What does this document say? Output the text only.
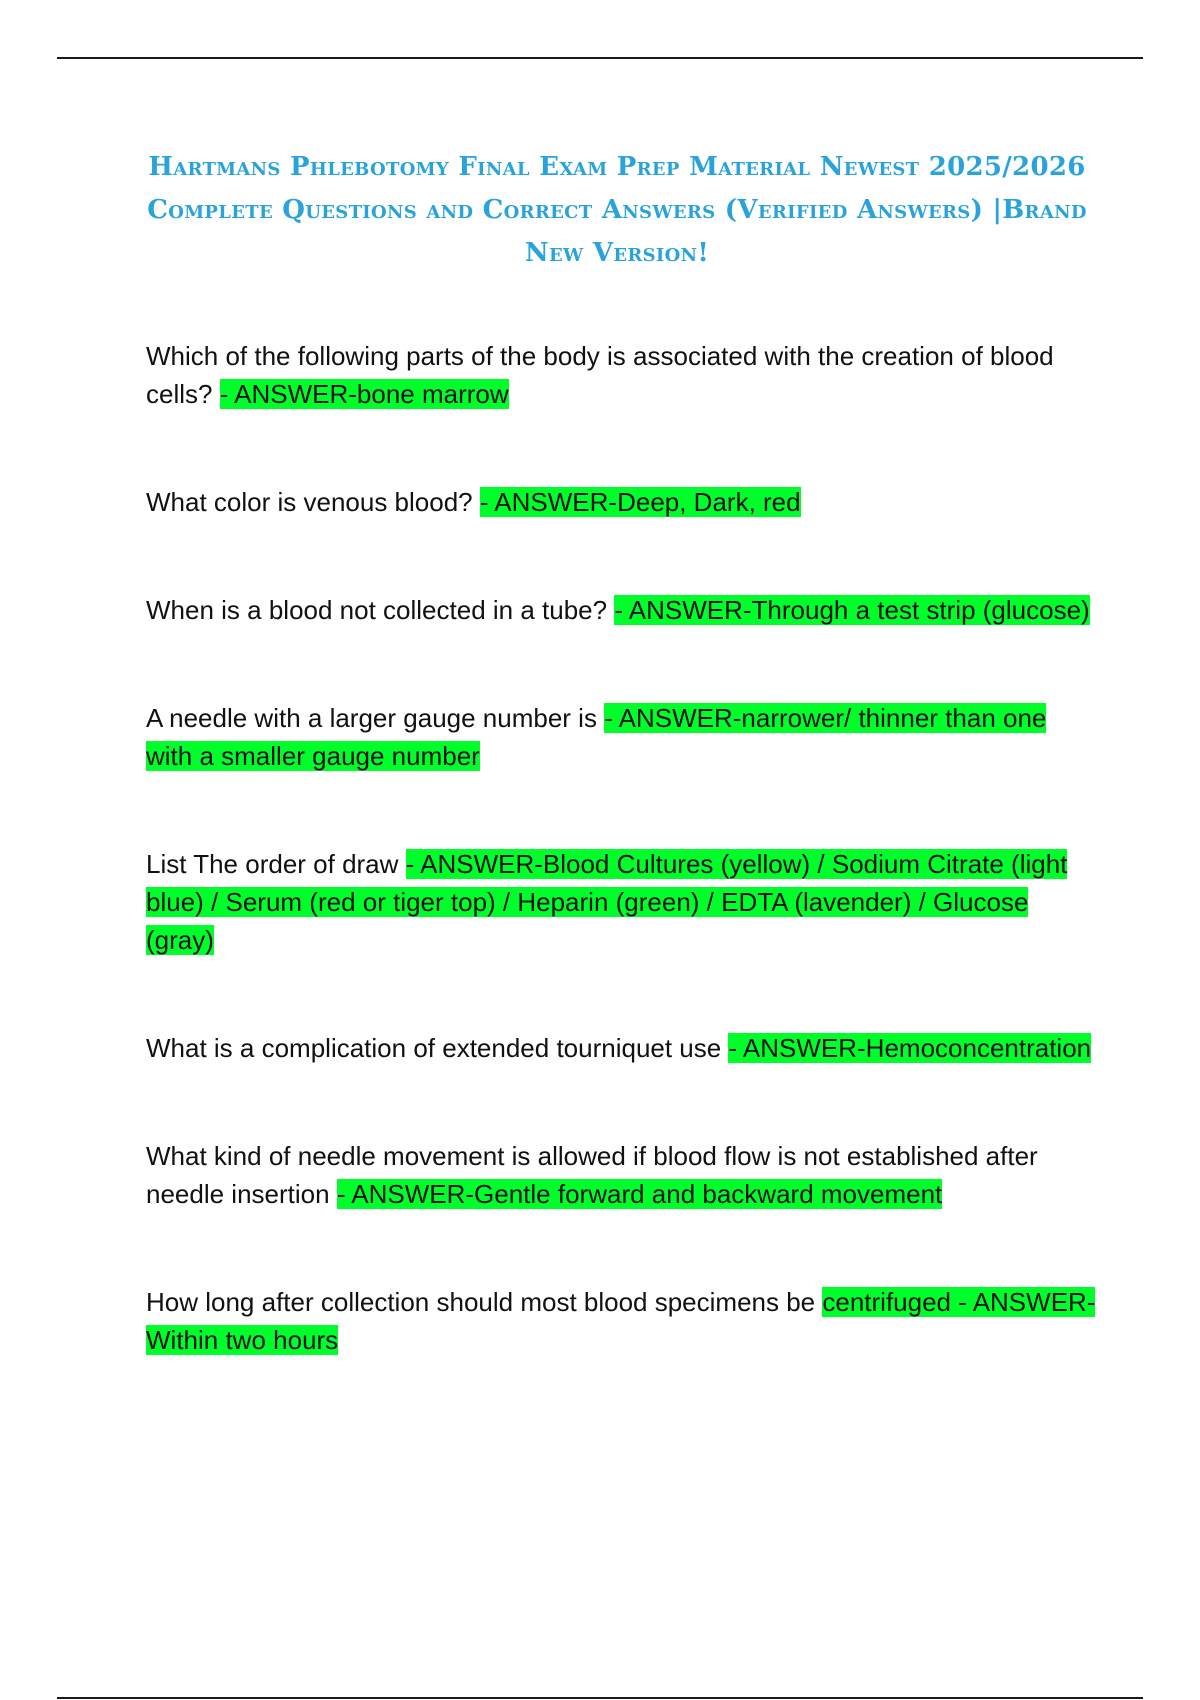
Hartmans Phlebotomy Final Exam Prep Material Newest 2025/2026 Complete Questions and Correct Answers (Verified Answers) |Brand New Version!
Which of the following parts of the body is associated with the creation of blood cells? - ANSWER-bone marrow
What color is venous blood? - ANSWER-Deep, Dark, red
When is a blood not collected in a tube? - ANSWER-Through a test strip (glucose)
A needle with a larger gauge number is - ANSWER-narrower/ thinner than one with a smaller gauge number
List The order of draw - ANSWER-Blood Cultures (yellow) / Sodium Citrate (light blue) / Serum (red or tiger top) / Heparin (green) / EDTA (lavender) / Glucose (gray)
What is a complication of extended tourniquet use - ANSWER-Hemoconcentration
What kind of needle movement is allowed if blood flow is not established after needle insertion - ANSWER-Gentle forward and backward movement
How long after collection should most blood specimens be centrifuged - ANSWER-Within two hours
